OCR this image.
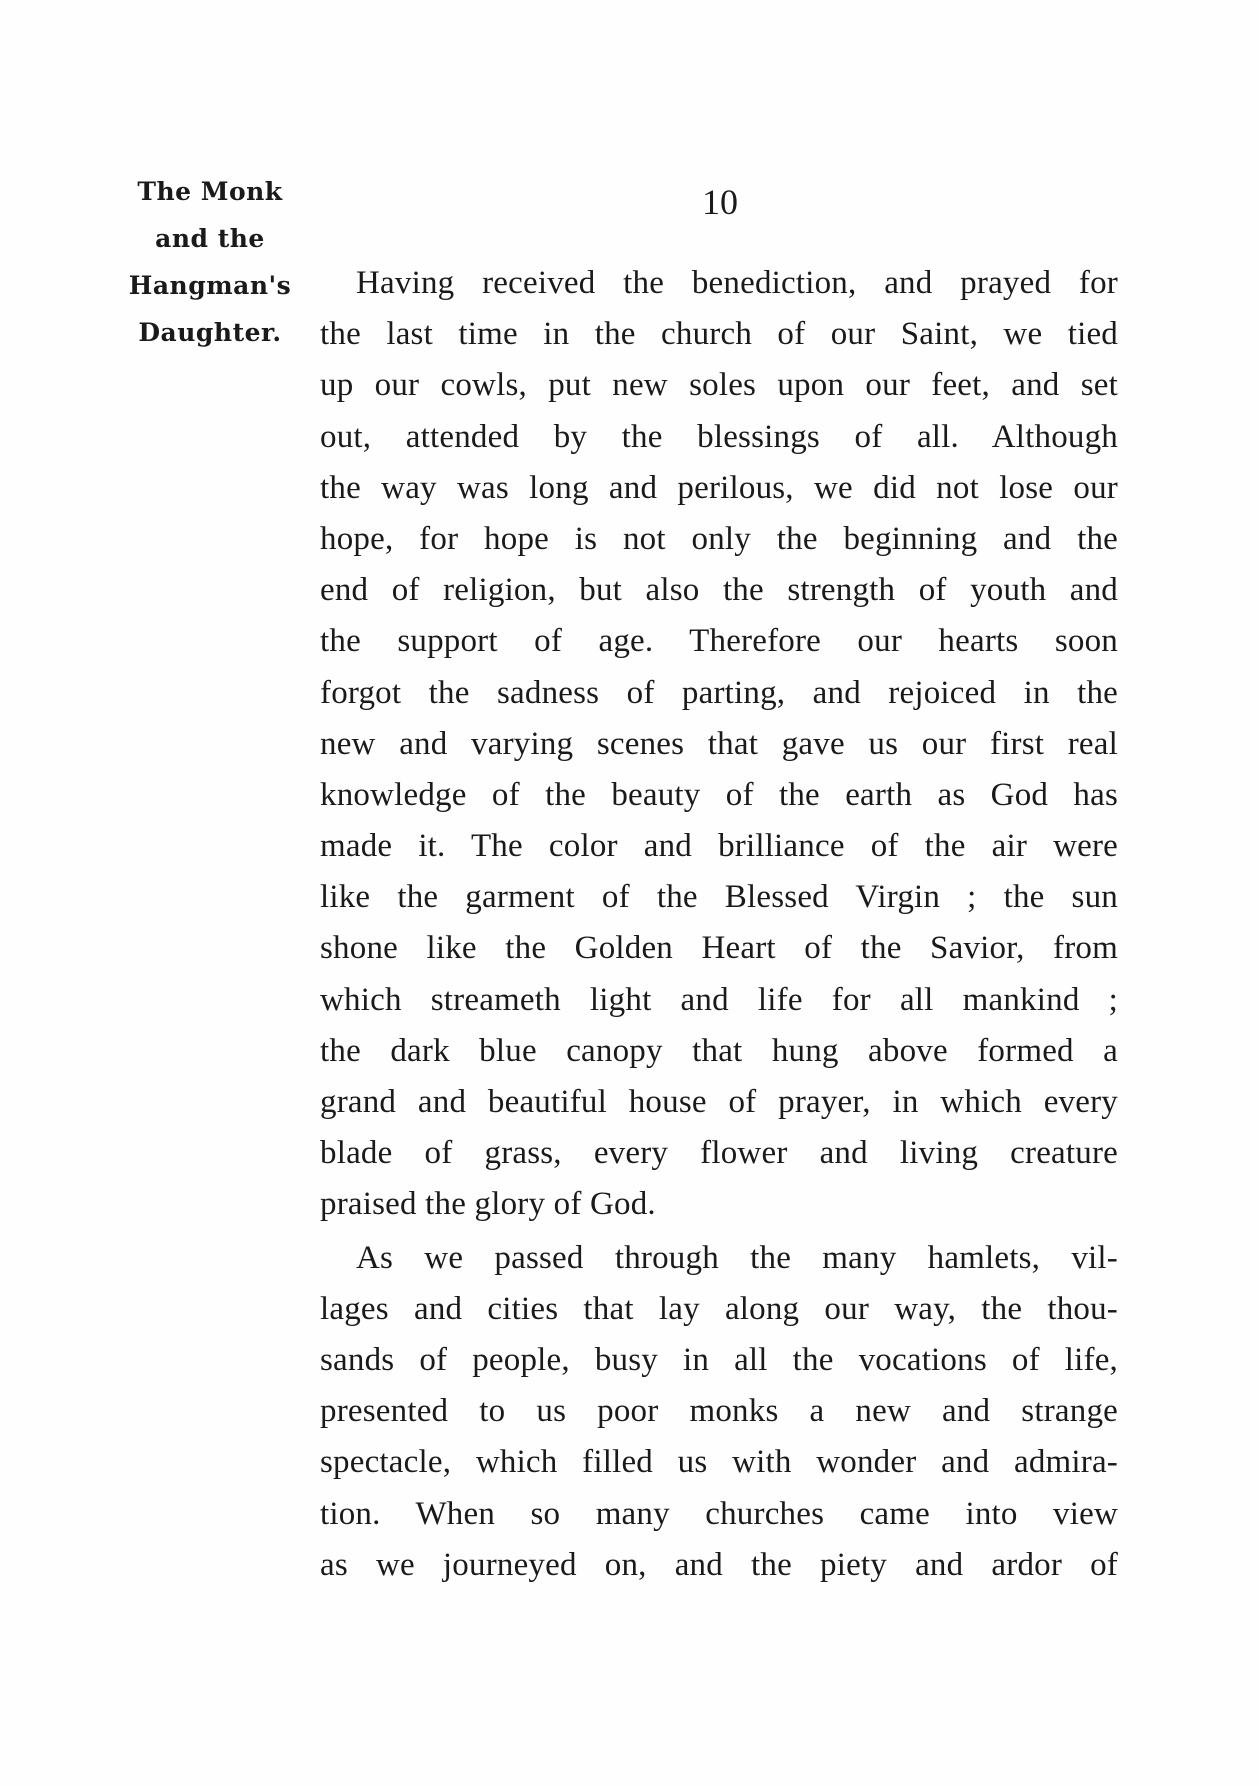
The Monk
and the
Hangman's
Daughter.
10
Having received the benediction, and prayed for
the last time in the church of our Saint, we tied
up our cowls, put new soles upon our feet, and set
out, attended by the blessings of all. Although
the way was long and perilous, we did not lose our
hope, for hope is not only the beginning and the
end of religion, but also the strength of youth and
the support of age. Therefore our hearts soon
forgot the sadness of parting, and rejoiced in the
new and varying scenes that gave us our first real
knowledge of the beauty of the earth as God has
made it. The color and brilliance of the air were
like the garment of the Blessed Virgin ; the sun
shone like the Golden Heart of the Savior, from
which streameth light and life for all mankind ;
the dark blue canopy that hung above formed a
grand and beautiful house of prayer, in which every
blade of grass, every flower and living creature
praised the glory of God.
As we passed through the many hamlets, vil-
lages and cities that lay along our way, the thou-
sands of people, busy in all the vocations of life,
presented to us poor monks a new and strange
spectacle, which filled us with wonder and admira-
tion. When so many churches came into view
as we journeyed on, and the piety and ardor of
